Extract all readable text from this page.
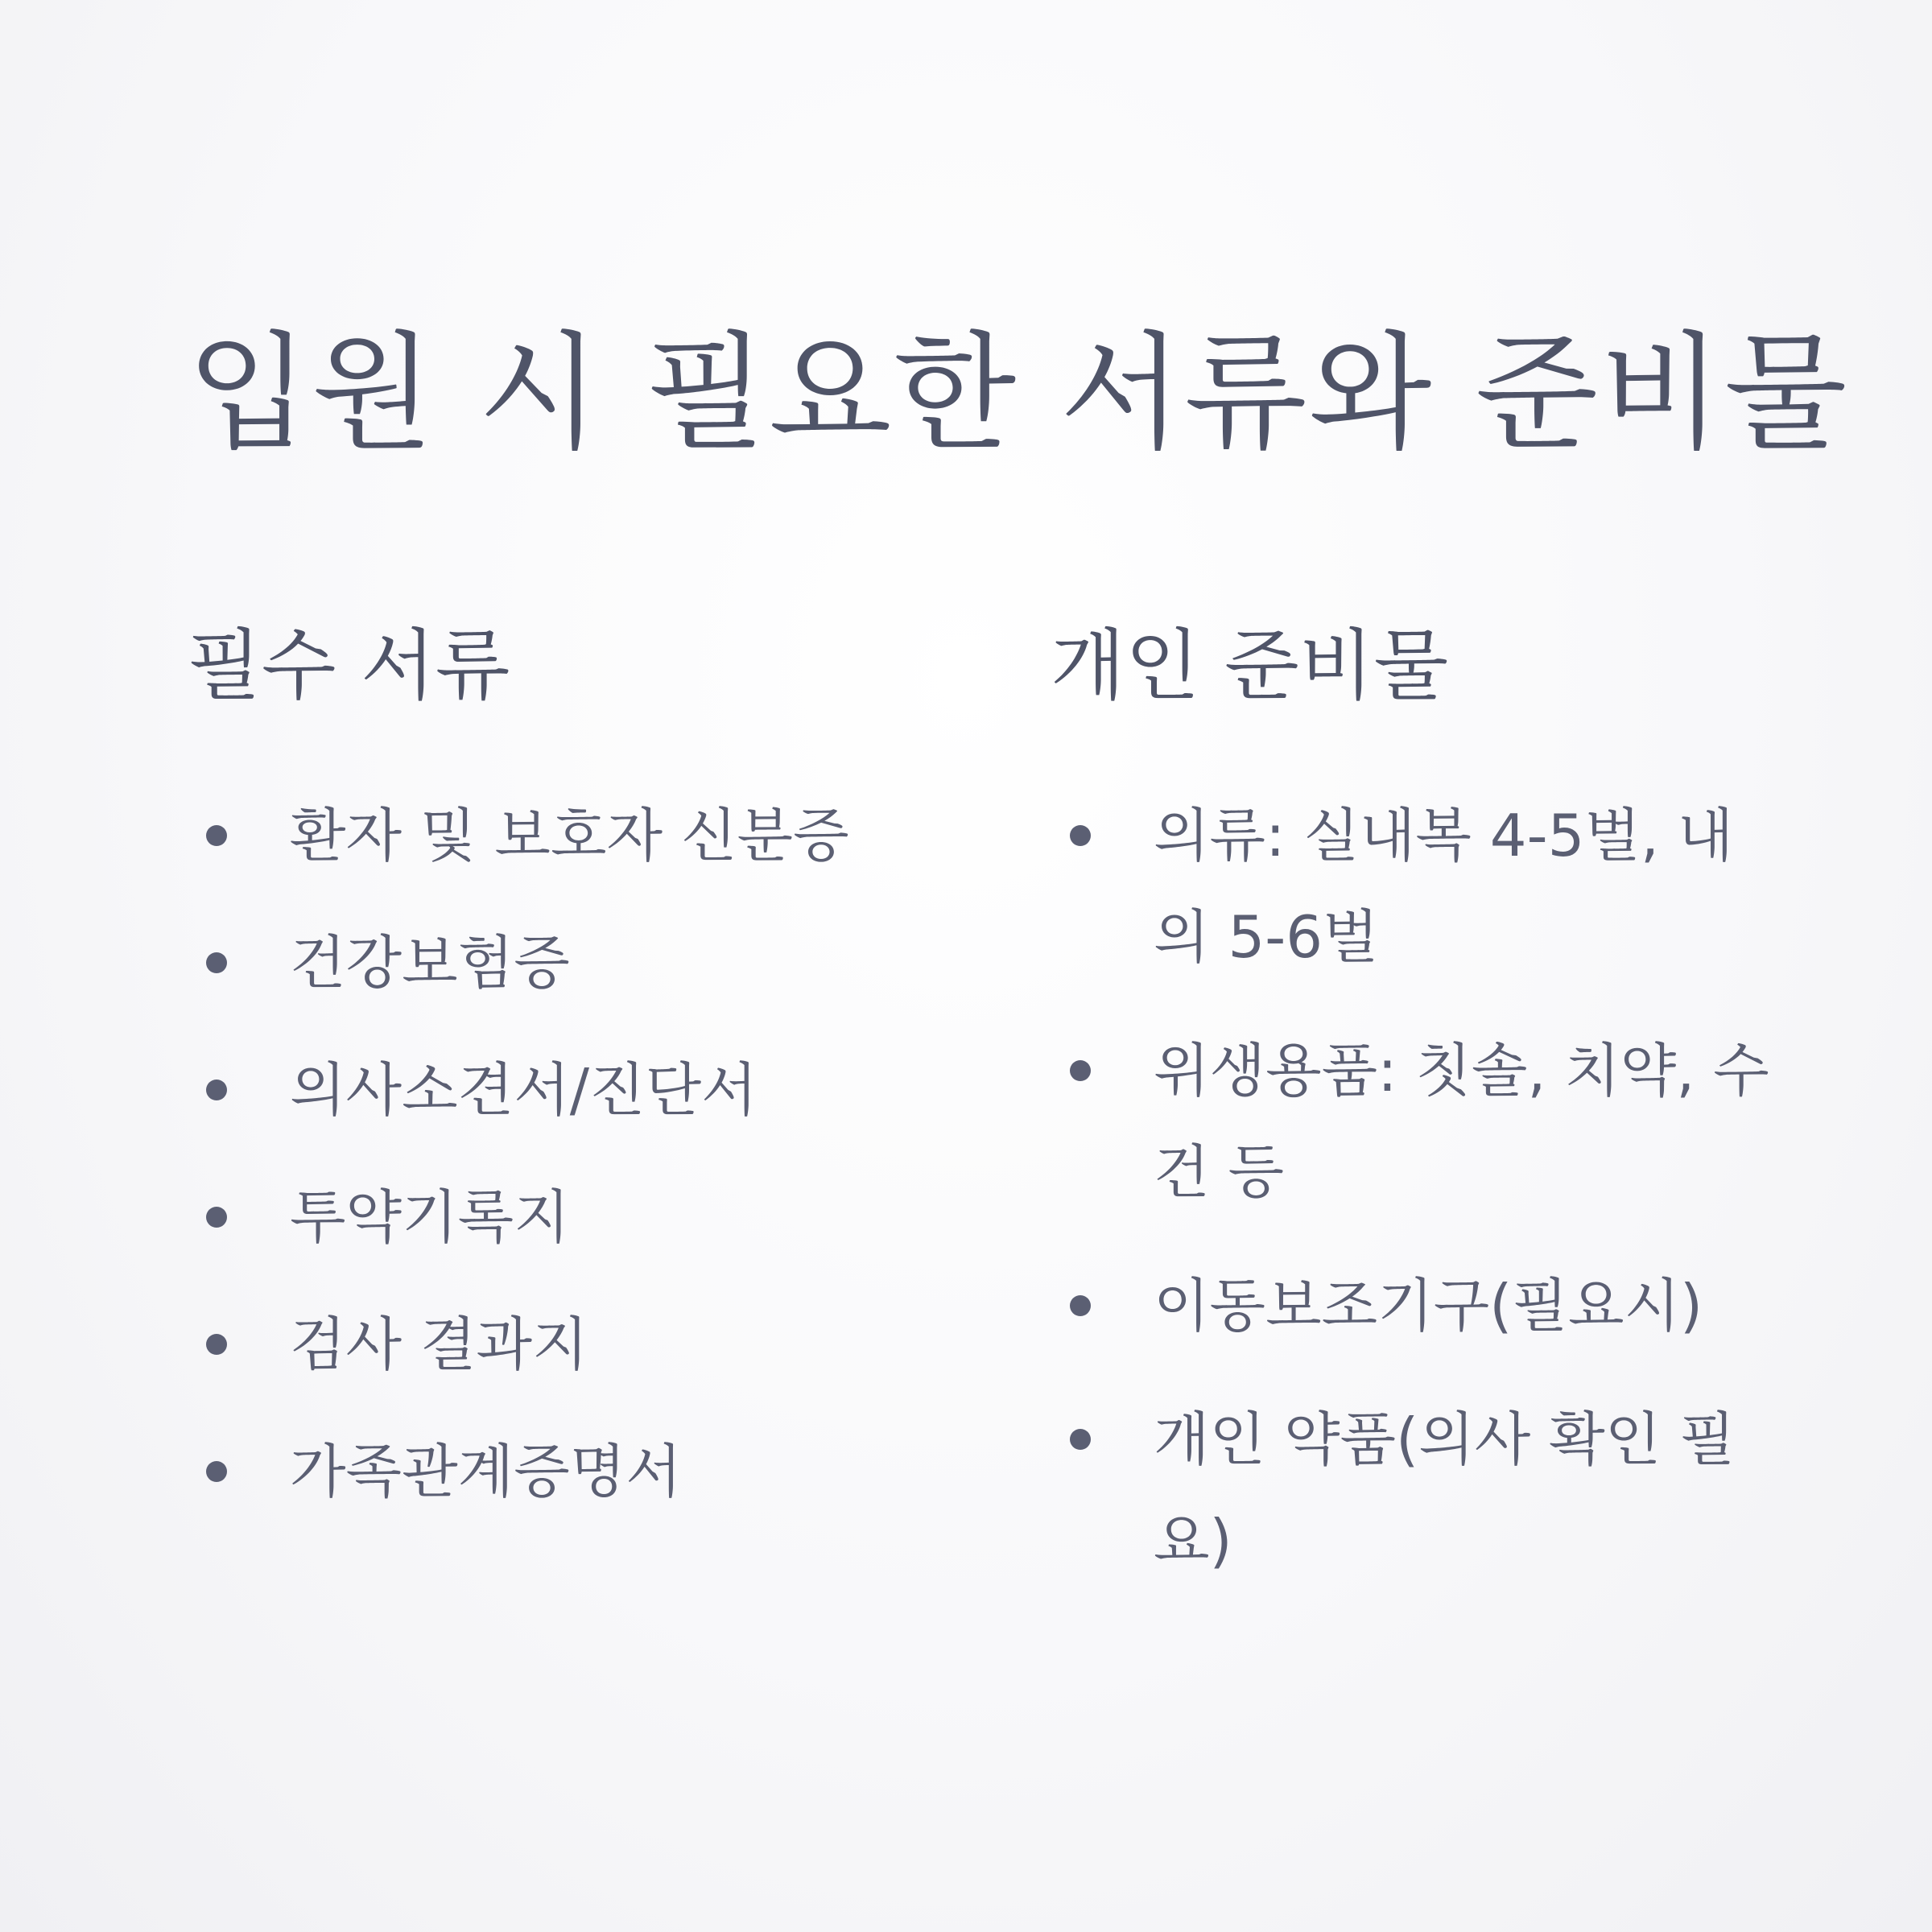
입원 시 필요한 서류와 준비물
필수 서류
환자 및 보호자 신분증
건강보험증
의사소견서/진단서
투약기록지
검사 결과지
가족관계증명서
개인 준비물
의류: 실내복 4-5벌, 내의 5-6벌
위생용품: 칫솔, 치약, 수건 등
이동보조기구(필요시)
개인 약품(의사 확인 필요)
